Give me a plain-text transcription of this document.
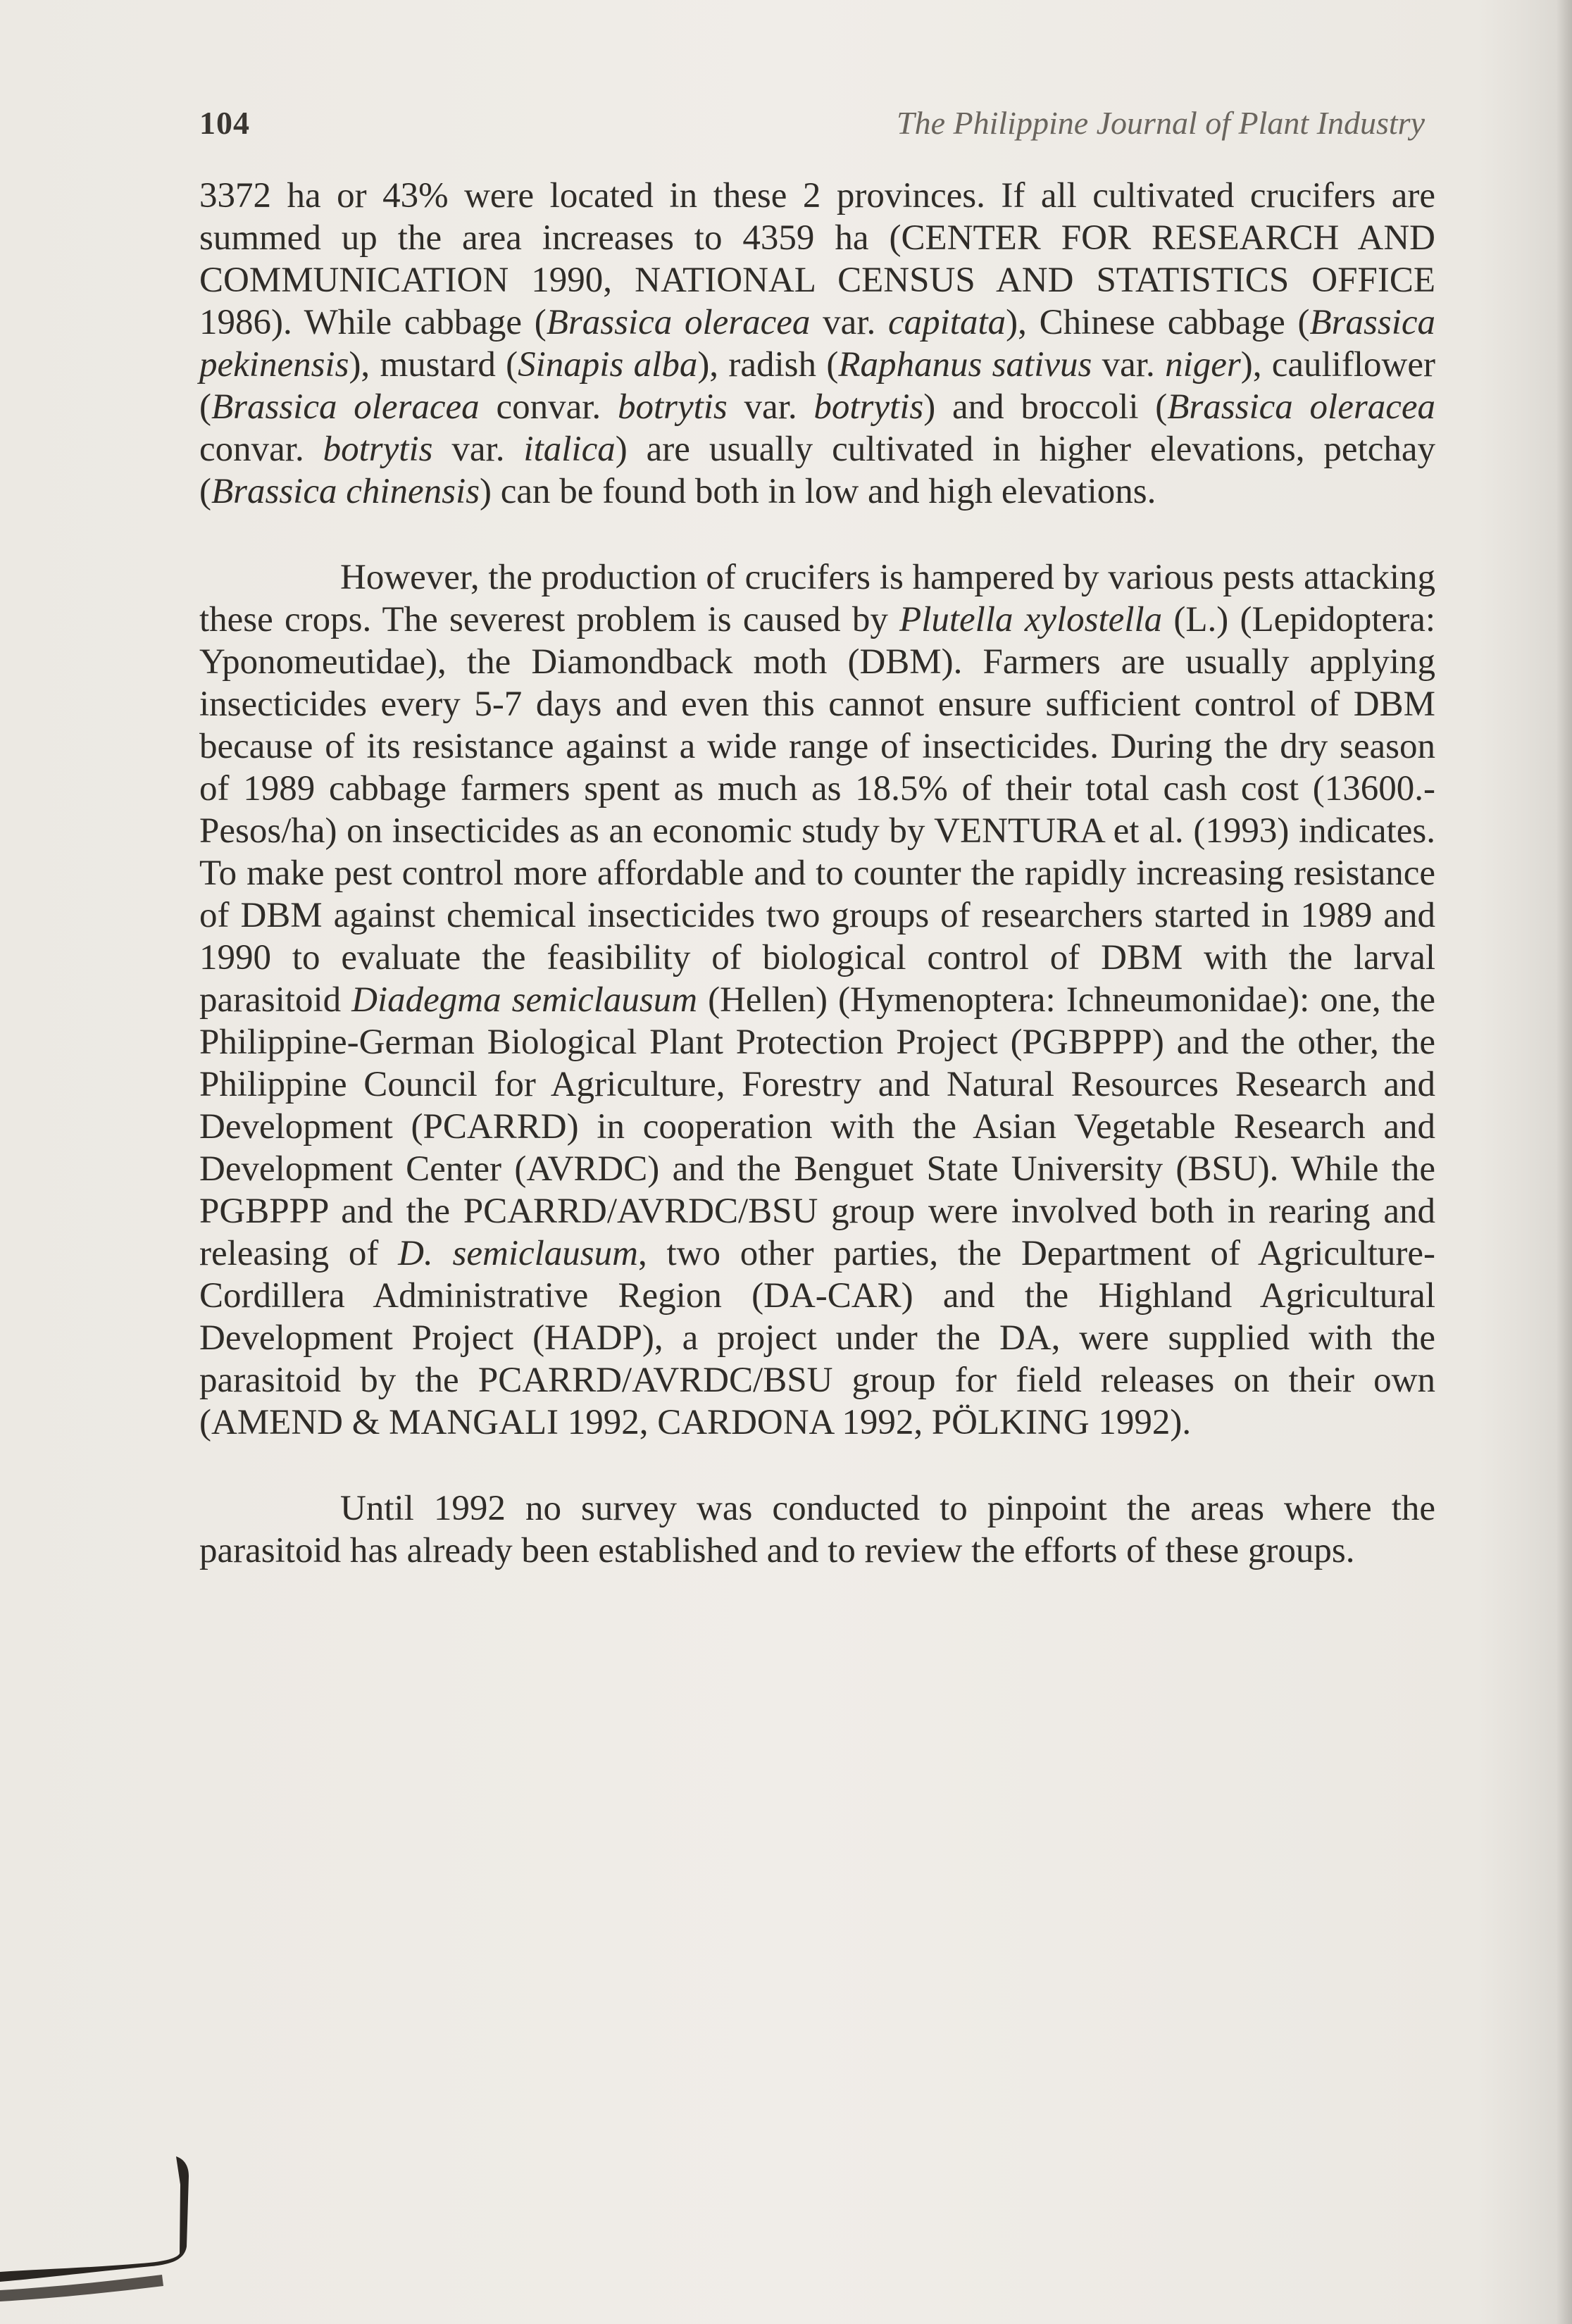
104	The Philippine Journal of Plant Industry

3372 ha or 43% were located in these 2 provinces. If all cultivated crucifers are summed up the area increases to 4359 ha (CENTER FOR RESEARCH AND COMMUNICATION 1990, NATIONAL CENSUS AND STATISTICS OFFICE 1986). While cabbage (Brassica oleracea var. capitata), Chinese cabbage (Brassica pekinensis), mustard (Sinapis alba), radish (Raphanus sativus var. niger), cauliflower (Brassica oleracea convar. botrytis var. botrytis) and broccoli (Brassica oleracea convar. botrytis var. italica) are usually cultivated in higher elevations, petchay (Brassica chinensis) can be found both in low and high elevations.

However, the production of crucifers is hampered by various pests attacking these crops. The severest problem is caused by Plutella xylostella (L.) (Lepidoptera: Yponomeutidae), the Diamondback moth (DBM). Farmers are usually applying insecticides every 5-7 days and even this cannot ensure sufficient control of DBM because of its resistance against a wide range of insecticides. During the dry season of 1989 cabbage farmers spent as much as 18.5% of their total cash cost (13600.- Pesos/ha) on insecticides as an economic study by VENTURA et al. (1993) indicates. To make pest control more affordable and to counter the rapidly increasing resistance of DBM against chemical insecticides two groups of researchers started in 1989 and 1990 to evaluate the feasibility of biological control of DBM with the larval parasitoid Diadegma semiclausum (Hellen) (Hymenoptera: Ichneumonidae): one, the Philippine-German Biological Plant Protection Project (PGBPPP) and the other, the Philippine Council for Agriculture, Forestry and Natural Resources Research and Development (PCARRD) in cooperation with the Asian Vegetable Research and Development Center (AVRDC) and the Benguet State University (BSU). While the PGBPPP and the PCARRD/AVRDC/BSU group were involved both in rearing and releasing of D. semiclausum, two other parties, the Department of Agriculture-Cordillera Administrative Region (DA-CAR) and the Highland Agricultural Development Project (HADP), a project under the DA, were supplied with the parasitoid by the PCARRD/AVRDC/BSU group for field releases on their own (AMEND & MANGALI 1992, CARDONA 1992, PÖLKING 1992).

Until 1992 no survey was conducted to pinpoint the areas where the parasitoid has already been established and to review the efforts of these groups.
